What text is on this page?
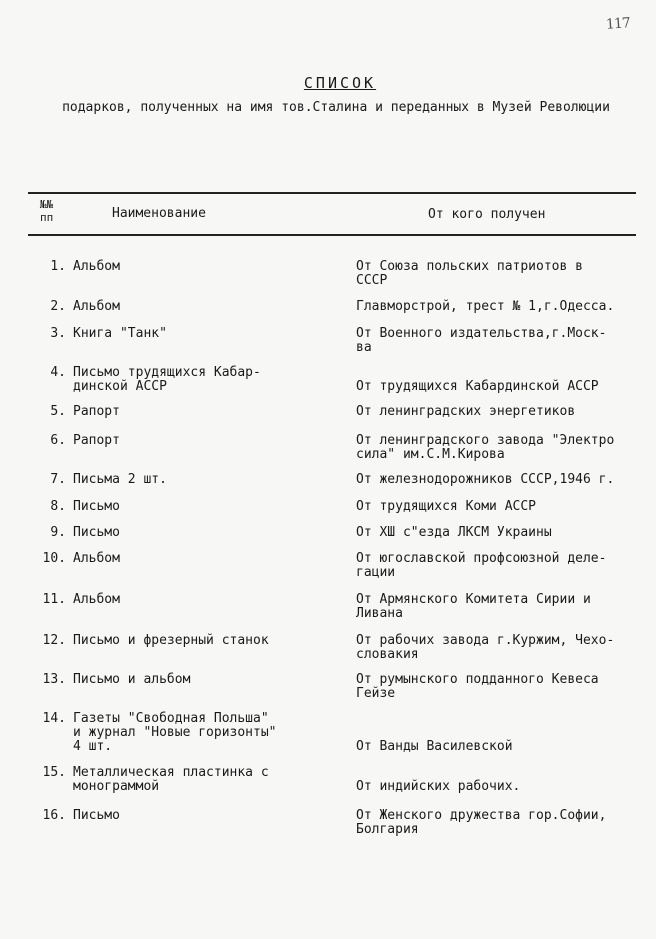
117
СПИСОК
подарков, полученных на имя тов.Сталина и переданных в Музей Революции
№№ пп	Наименование	От кого получен
1. Альбом	От Союза польских патриотов в
СССР
2. Альбом	Главморстрой, трест № 1,г.Одесса.
3. Книга "Танк"	От Военного издательства,г.Моск-
ва
4. Письмо трудящихся Кабар-
динской АССР	От трудящихся Кабардинской АССР
5. Рапорт	От ленинградских энергетиков
6. Рапорт	От ленинградского завода "Электро
сила" им.С.М.Кирова
7. Письма 2 шт.	От железнодорожников СССР,1946 г.
8. Письмо	От трудящихся Коми АССР
9. Письмо	От XШ с"езда ЛКСМ Украины
10. Альбом	От югославской профсоюзной деле-
гации
11. Альбом	От Армянского Комитета Сирии и
Ливана
12. Письмо и фрезерный станок	От рабочих завода г.Куржим, Чехо-
словакия
13. Письмо и альбом	От румынского подданного Кевеса
Гейзе
14. Газеты "Свободная Польша"
и журнал "Новые горизонты"
4 шт.	От Ванды Василевской
15. Металлическая пластинка с
монограммой	От индийских рабочих.
16. Письмо	От Женского дружества гор.Софии,
Болгария
